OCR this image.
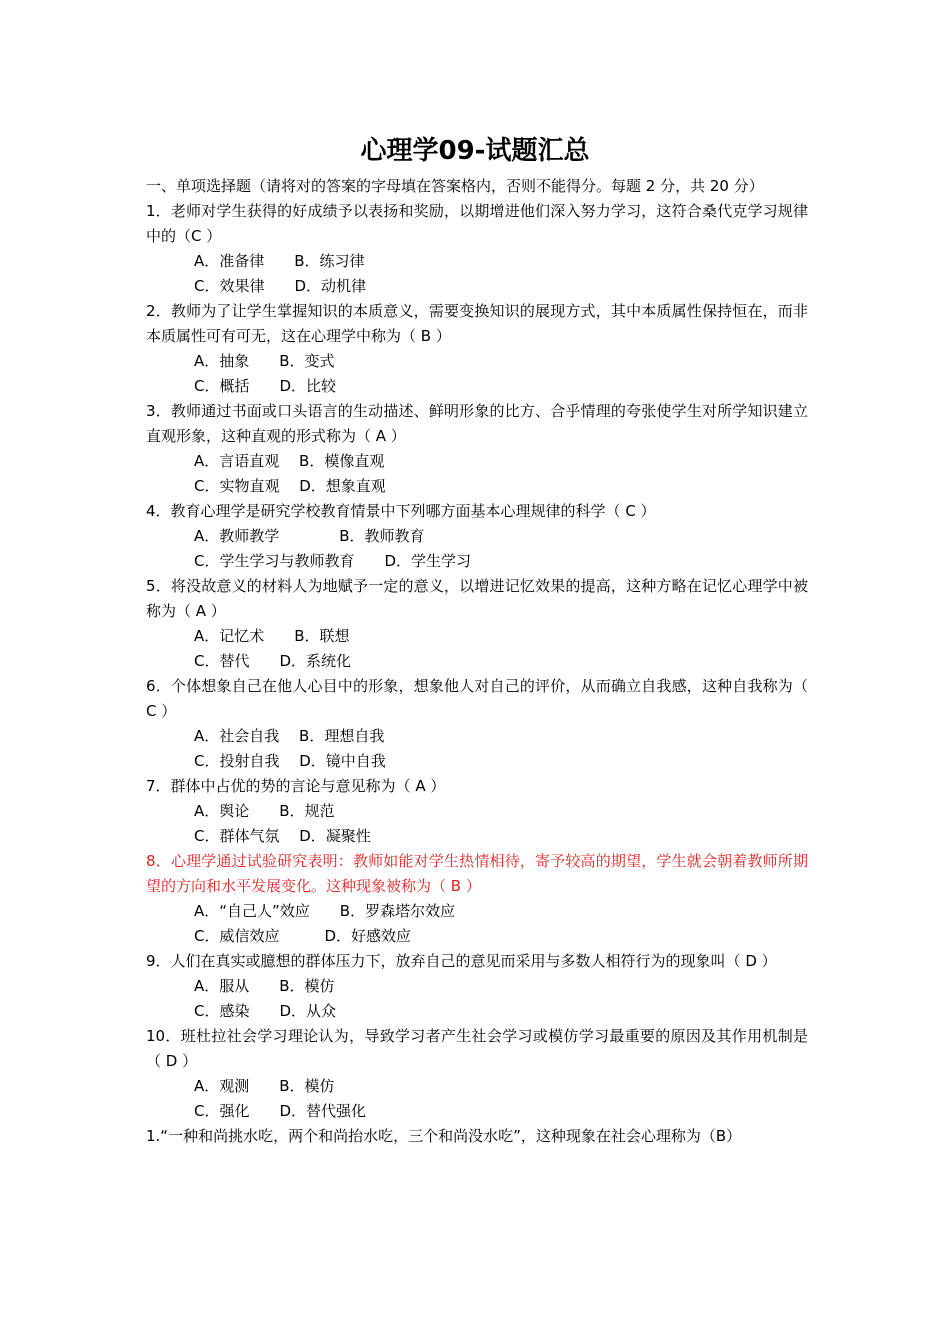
心理学09-试题汇总
一、单项选择题（请将对的答案的字母填在答案格内，否则不能得分。每题 2 分，共 20 分）
1．老师对学生获得的好成绩予以表扬和奖励，以期增进他们深入努力学习，这符合桑代克学习规律中的（C ）
A．准备律　　B．练习律
C．效果律　　D．动机律
2．教师为了让学生掌握知识的本质意义，需要变换知识的展现方式，其中本质属性保持恒在，而非本质属性可有可无，这在心理学中称为（ B ）
A．抽象　　B．变式
C．概括　　D．比较
3．教师通过书面或口头语言的生动描述、鲜明形象的比方、合乎情理的夸张使学生对所学知识建立直观形象，这种直观的形式称为（ A ）
A．言语直观　 B．模像直观
C．实物直观　 D．想象直观
4．教育心理学是研究学校教育情景中下列哪方面基本心理规律的科学（ C ）
A．教师教学　　　　B．教师教育
C．学生学习与教师教育　　D．学生学习
5．将没故意义的材料人为地赋予一定的意义，以增进记忆效果的提高，这种方略在记忆心理学中被称为（ A ）
A．记忆术　　B．联想
C．替代　　D．系统化
6．个体想象自己在他人心目中的形象，想象他人对自己的评价，从而确立自我感，这种自我称为（ C ）
A．社会自我　 B．理想自我
C．投射自我　 D．镜中自我
7．群体中占优的势的言论与意见称为（ A ）
A．舆论　　B．规范
C．群体气氛　 D．凝聚性
8．心理学通过试验研究表明：教师如能对学生热情相待，寄予较高的期望，学生就会朝着教师所期望的方向和水平发展变化。这种现象被称为（ B ）
A．“自己人”效应　　B．罗森塔尔效应
C．威信效应　　　D．好感效应
9．人们在真实或臆想的群体压力下，放弃自己的意见而采用与多数人相符行为的现象叫（ D ）
A．服从　　B．模仿
C．感染　　D．从众
10．班杜拉社会学习理论认为，导致学习者产生社会学习或模仿学习最重要的原因及其作用机制是（ D ）
A．观测　　B．模仿
C．强化　　D．替代强化
1.“一种和尚挑水吃，两个和尚抬水吃，三个和尚没水吃”，这种现象在社会心理称为（B）
